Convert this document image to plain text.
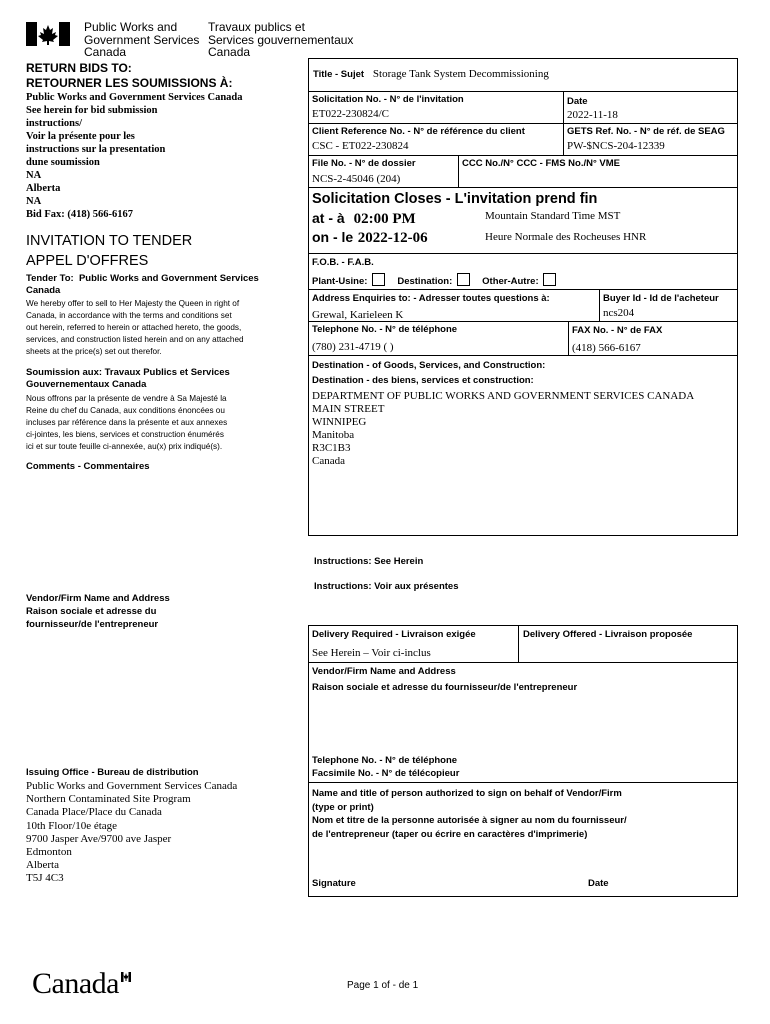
Public Works and
Government Services
Canada
Travaux publics et
Services gouvernementaux
Canada
RETURN BIDS TO:
RETOURNER LES SOUMISSIONS À:
Public Works and Government Services Canada
See herein for bid submission
instructions/
Voir la présente pour les
instructions sur la presentation
dune soumission
NA
Alberta
NA
Bid Fax: (418) 566-6167
INVITATION TO TENDER
APPEL D'OFFRES
Tender To: Public Works and Government Services Canada
We hereby offer to sell to Her Majesty the Queen in right of
Canada, in accordance with the terms and conditions set
out herein, referred to herein or attached hereto, the goods,
services, and construction listed herein and on any attached
sheets at the price(s) set out therefor.
Soumission aux: Travaux Publics et Services
Gouvernementaux Canada
Nous offrons par la présente de vendre à Sa Majesté la
Reine du chef du Canada, aux conditions énoncées ou
incluses par référence dans la présente et aux annexes
ci-jointes, les biens, services et construction énumérés
ici et sur toute feuille ci-annexée, au(x) prix indiqué(s).
Comments - Commentaires
Vendor/Firm Name and Address
Raison sociale et adresse du
fournisseur/de l'entrepreneur
Issuing Office - Bureau de distribution
Public Works and Government Services Canada
Northern Contaminated Site Program
Canada Place/Place du Canada
10th Floor/10e étage
9700 Jasper Ave/9700 ave Jasper
Edmonton
Alberta
T5J 4C3
Title - Sujet Storage Tank System Decommissioning
Solicitation No. - N° de l'invitation
ET022-230824/C
Date
2022-11-18
Client Reference No. - N° de référence du client
CSC - ET022-230824
GETS Ref. No. - N° de réf. de SEAG
PW-$NCS-204-12339
File No. - N° de dossier
NCS-2-45046 (204)
CCC No./N° CCC - FMS No./N° VME
Solicitation Closes - L'invitation prend fin
at - à 02:00 PM	Mountain Standard Time MST
on - le 2022-12-06	Heure Normale des Rocheuses HNR
F.O.B. - F.A.B.
Plant-Usine:	Destination:	Other-Autre:
Address Enquiries to: - Adresser toutes questions à:
Grewal, Karieleen K
Buyer Id - Id de l'acheteur
ncs204
Telephone No. - N° de téléphone
(780) 231-4719 ( )
FAX No. - N° de FAX
(418) 566-6167
Destination - of Goods, Services, and Construction:
Destination - des biens, services et construction:
DEPARTMENT OF PUBLIC WORKS AND GOVERNMENT SERVICES CANADA
MAIN STREET
WINNIPEG
Manitoba
R3C1B3
Canada
Instructions: See Herein
Instructions: Voir aux présentes
Delivery Required - Livraison exigée
See Herein – Voir ci-inclus
Delivery Offered - Livraison proposée
Vendor/Firm Name and Address
Raison sociale et adresse du fournisseur/de l'entrepreneur
Telephone No. - N° de téléphone
Facsimile No. - N° de télécopieur
Name and title of person authorized to sign on behalf of Vendor/Firm
(type or print)
Nom et titre de la personne autorisée à signer au nom du fournisseur/
de l'entrepreneur (taper ou écrire en caractères d'imprimerie)
Signature	Date
Canada	Page 1 of - de 1
